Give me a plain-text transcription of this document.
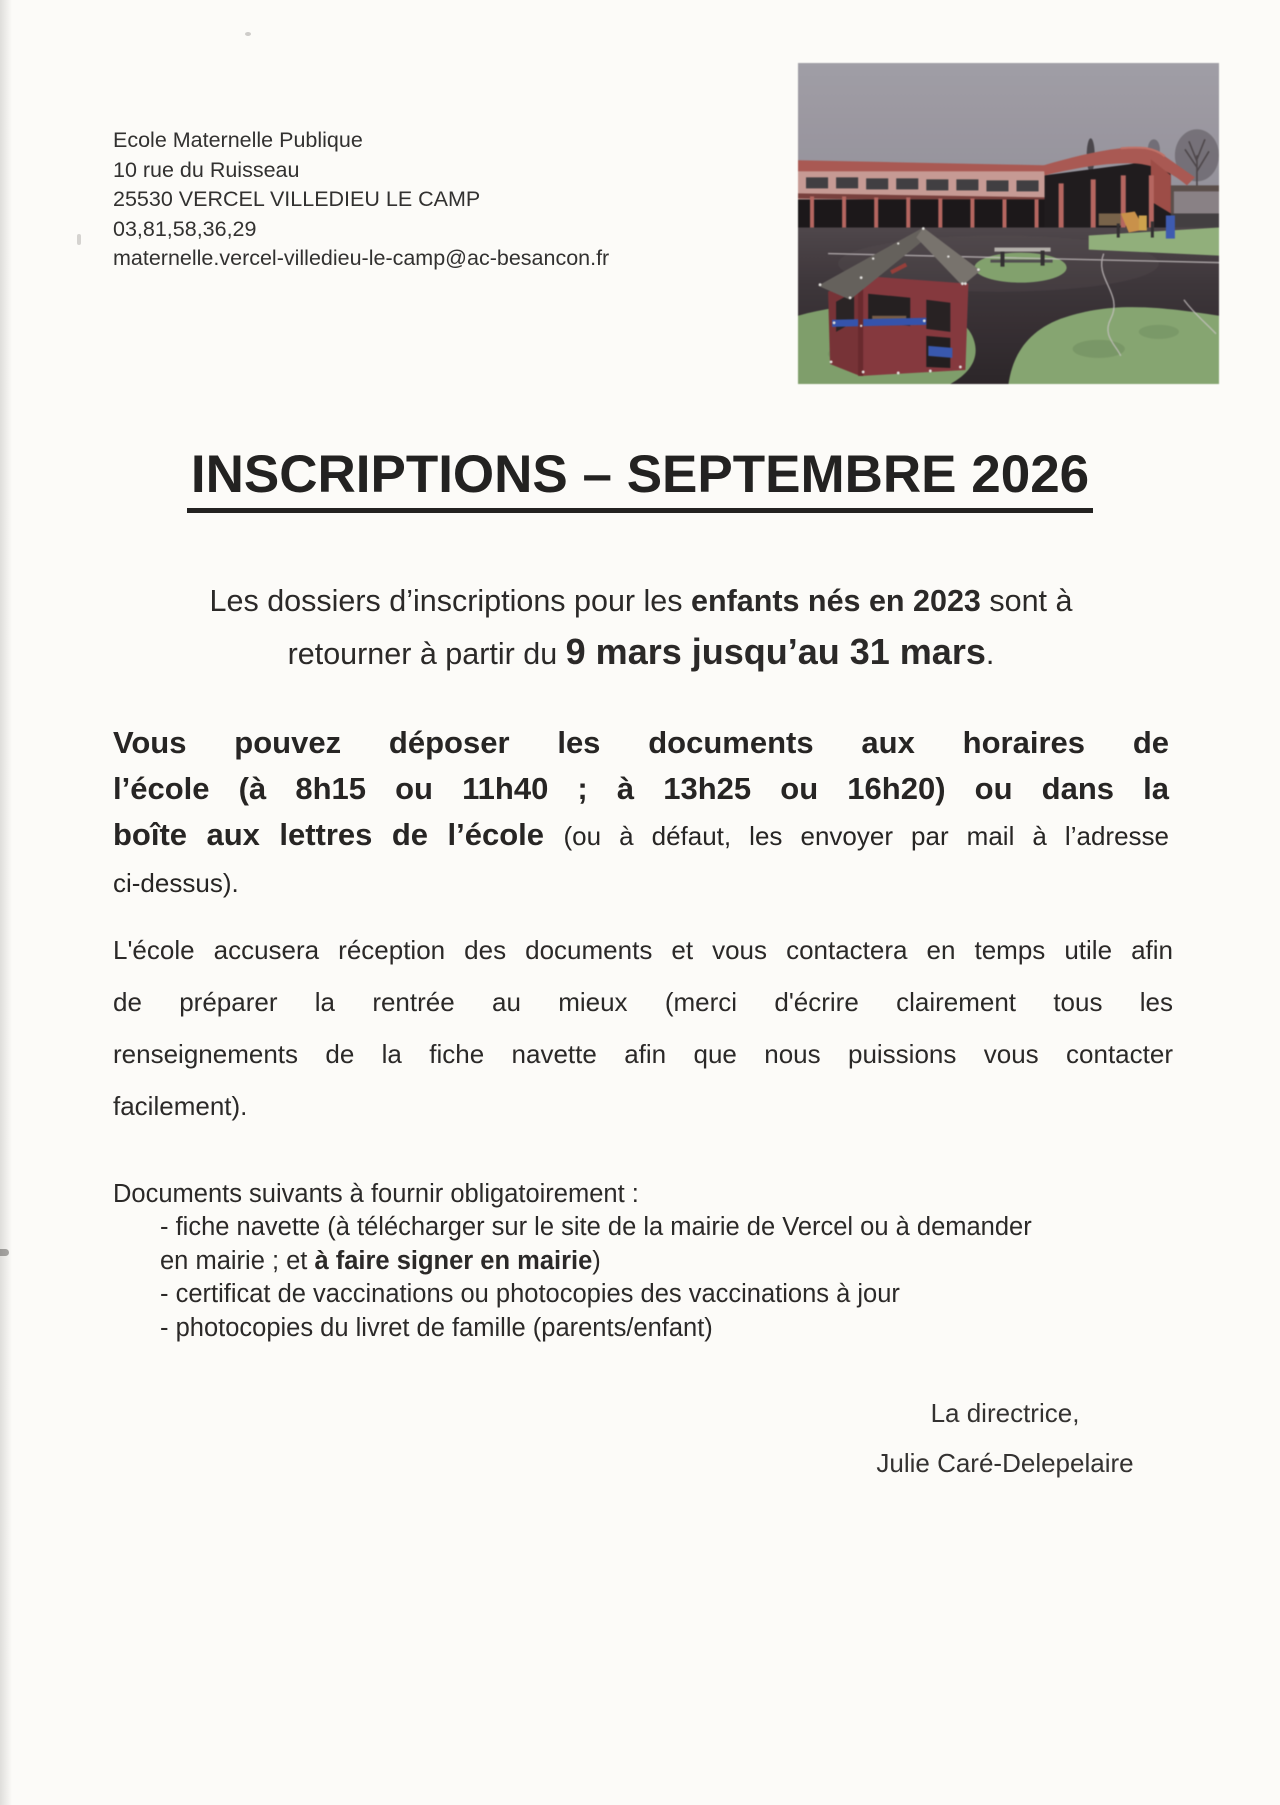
Ecole Maternelle Publique
10 rue du Ruisseau
25530 VERCEL VILLEDIEU LE CAMP
03,81,58,36,29
maternelle.vercel-villedieu-le-camp@ac-besancon.fr
INSCRIPTIONS – SEPTEMBRE 2026
Les dossiers d’inscriptions pour les enfants nés en 2023 sont à
retourner à partir du 9 mars jusqu’au 31 mars.
Vous pouvez déposer les documents aux horaires de
l’école (à 8h15 ou 11h40 ; à 13h25 ou 16h20) ou dans la
boîte aux lettres de l’école (ou à défaut, les envoyer par mail à l’adresse
ci-dessus).
L'école accusera réception des documents et vous contactera en temps utile afin
de préparer la rentrée au mieux (merci d'écrire clairement tous les
renseignements de la fiche navette afin que nous puissions vous contacter
facilement).
Documents suivants à fournir obligatoirement :
- fiche navette (à télécharger sur le site de la mairie de Vercel ou à demander
en mairie ; et à faire signer en mairie)
- certificat de vaccinations ou photocopies des vaccinations à jour
- photocopies du livret de famille (parents/enfant)
La directrice,
Julie Caré-Delepelaire
